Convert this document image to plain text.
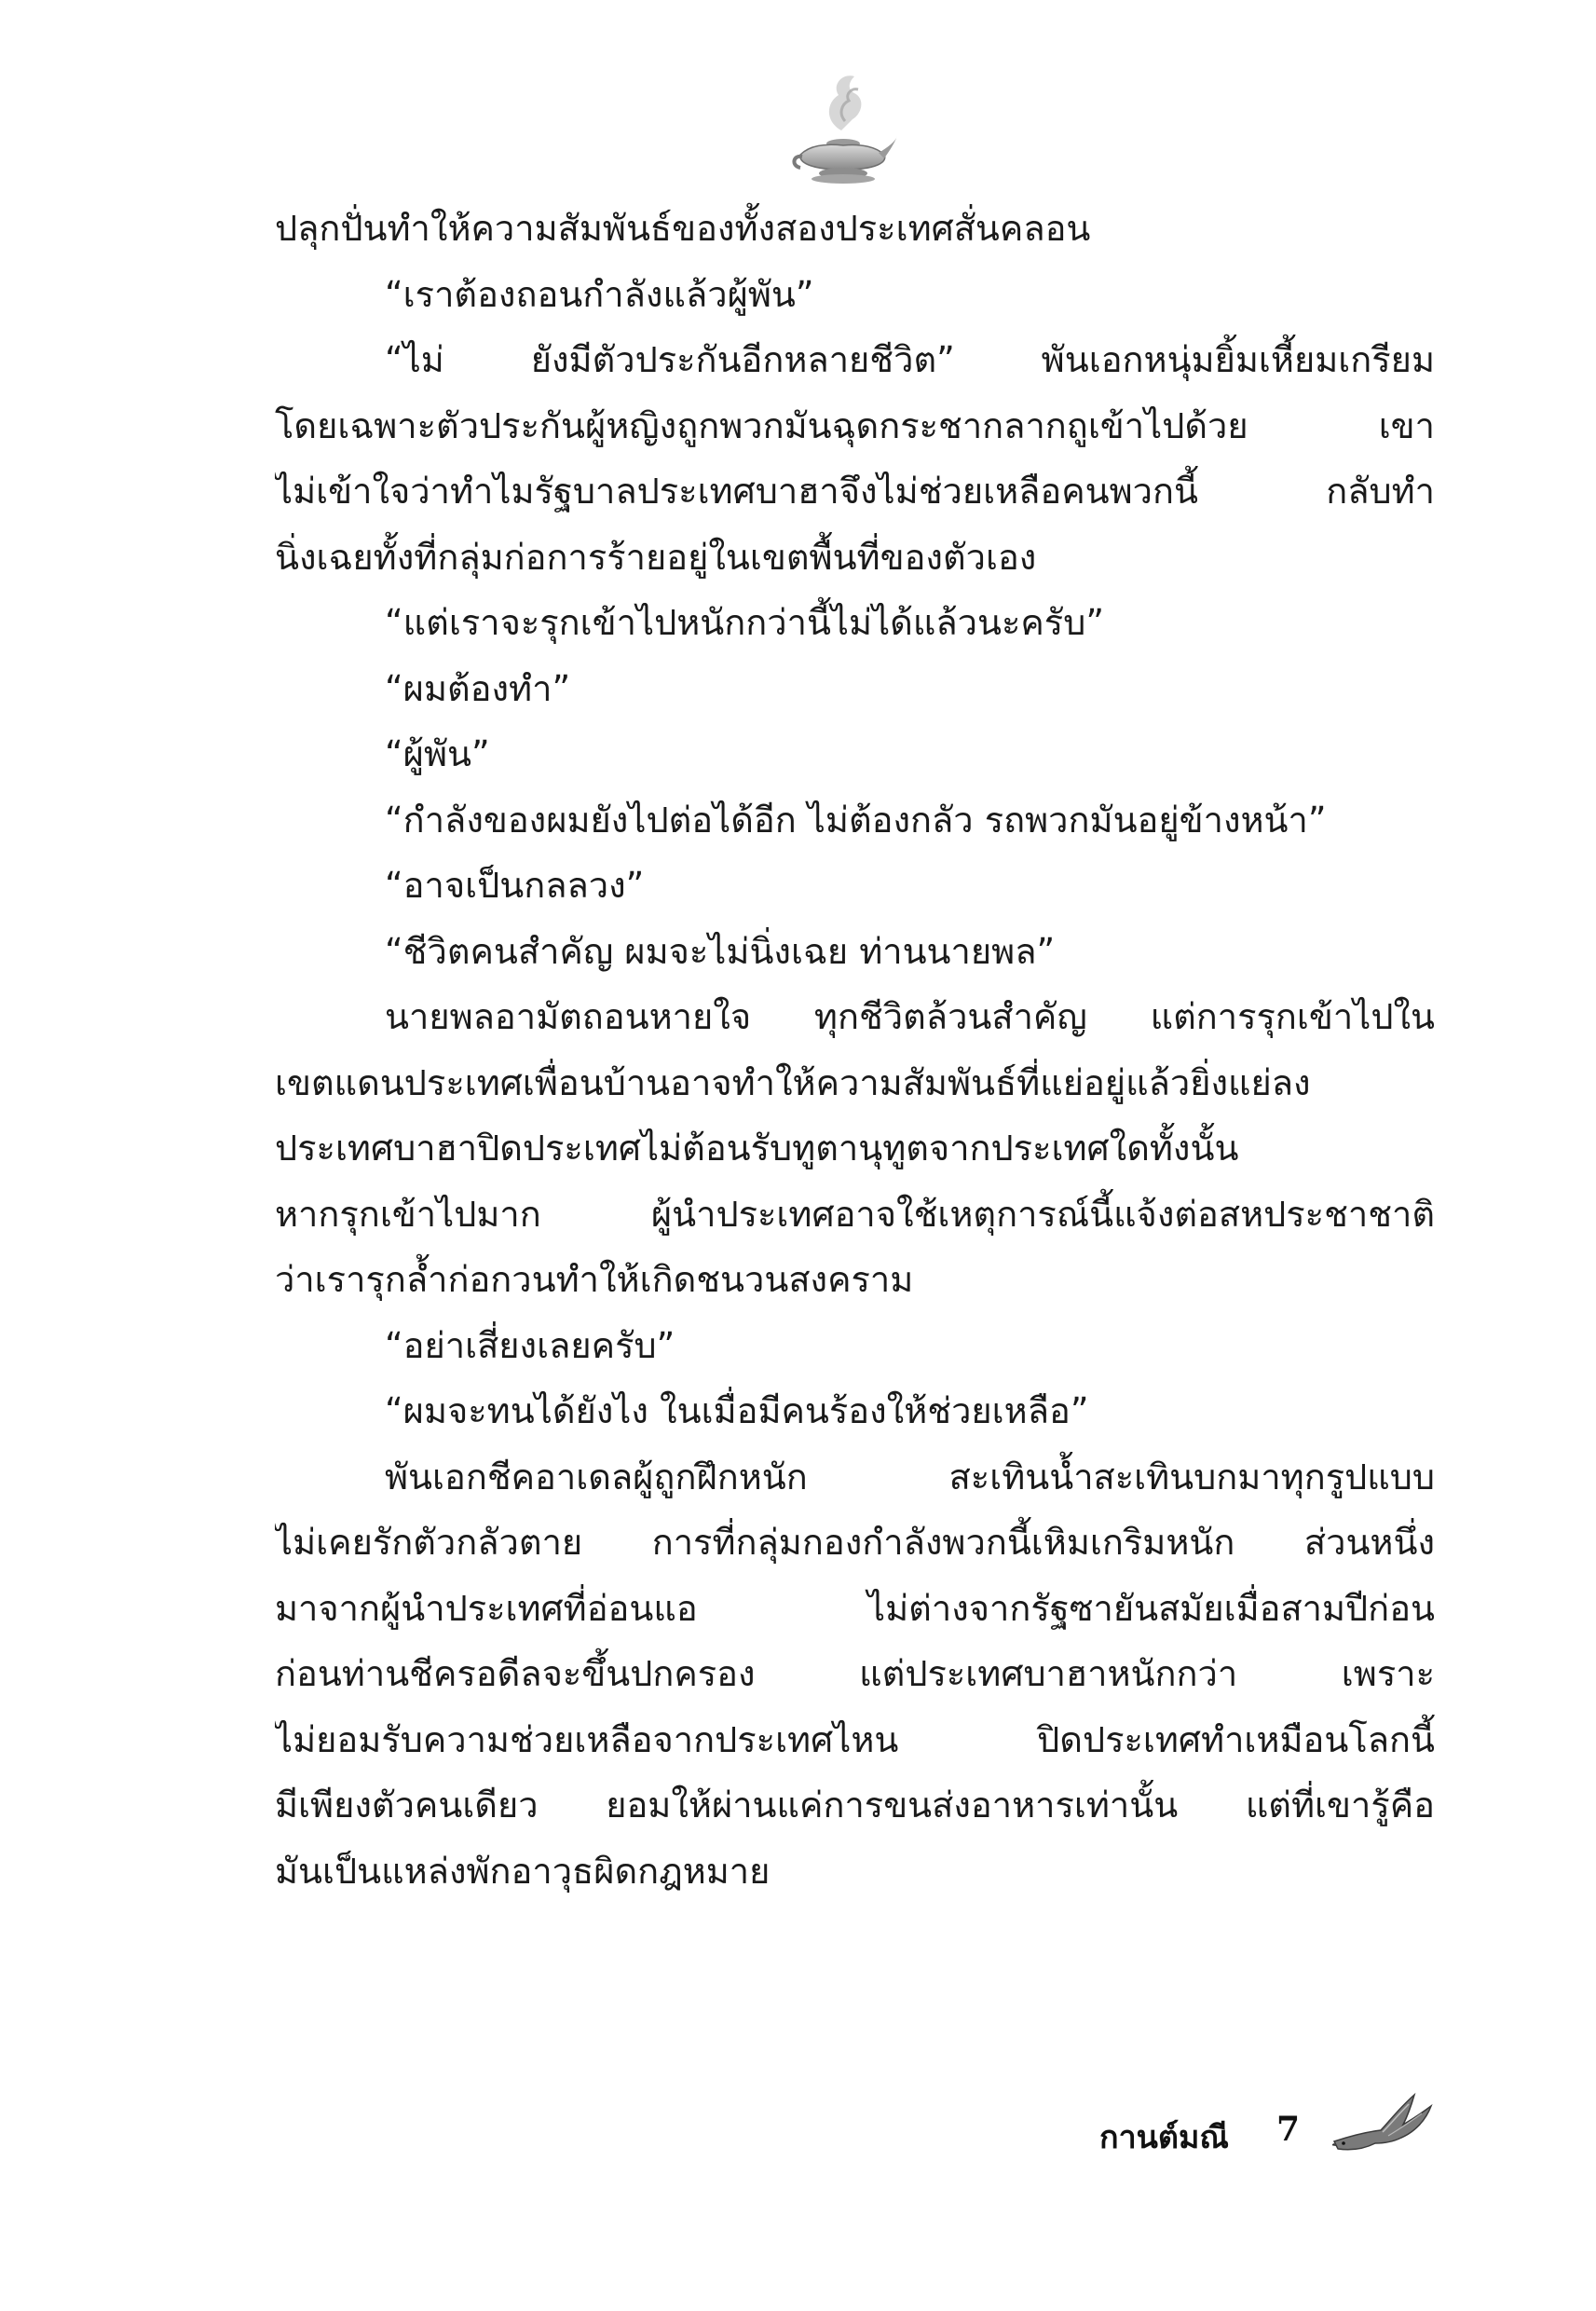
ปลุกปั่นทำให้ความสัมพันธ์ของทั้งสองประเทศสั่นคลอน
“เราต้องถอนกำลังแล้วผู้พัน”
“ไม่ ยังมีตัวประกันอีกหลายชีวิต” พันเอกหนุ่มยิ้มเหี้ยมเกรียม
โดยเฉพาะตัวประกันผู้หญิงถูกพวกมันฉุดกระชากลากถูเข้าไปด้วย เขา
ไม่เข้าใจว่าทำไมรัฐบาลประเทศบาฮาจึงไม่ช่วยเหลือคนพวกนี้ กลับทำ
นิ่งเฉยทั้งที่กลุ่มก่อการร้ายอยู่ในเขตพื้นที่ของตัวเอง
“แต่เราจะรุกเข้าไปหนักกว่านี้ไม่ได้แล้วนะครับ”
“ผมต้องทำ”
“ผู้พัน”
“กำลังของผมยังไปต่อได้อีก ไม่ต้องกลัว รถพวกมันอยู่ข้างหน้า”
“อาจเป็นกลลวง”
“ชีวิตคนสำคัญ ผมจะไม่นิ่งเฉย ท่านนายพล”
นายพลอามัตถอนหายใจ ทุกชีวิตล้วนสำคัญ แต่การรุกเข้าไปใน
เขตแดนประเทศเพื่อนบ้านอาจทำให้ความสัมพันธ์ที่แย่อยู่แล้วยิ่งแย่ลง
ประเทศบาฮาปิดประเทศไม่ต้อนรับทูตานุทูตจากประเทศใดทั้งนั้น
หากรุกเข้าไปมาก ผู้นำประเทศอาจใช้เหตุการณ์นี้แจ้งต่อสหประชาชาติ
ว่าเรารุกล้ำก่อกวนทำให้เกิดชนวนสงคราม
“อย่าเสี่ยงเลยครับ”
“ผมจะทนได้ยังไง ในเมื่อมีคนร้องให้ช่วยเหลือ”
พันเอกชีคอาเดลผู้ถูกฝึกหนัก สะเทินน้ำสะเทินบกมาทุกรูปแบบ
ไม่เคยรักตัวกลัวตาย การที่กลุ่มกองกำลังพวกนี้เหิมเกริมหนัก ส่วนหนึ่ง
มาจากผู้นำประเทศที่อ่อนแอ ไม่ต่างจากรัฐซายันสมัยเมื่อสามปีก่อน
ก่อนท่านชีครอดีลจะขึ้นปกครอง แต่ประเทศบาฮาหนักกว่า เพราะ
ไม่ยอมรับความช่วยเหลือจากประเทศไหน ปิดประเทศทำเหมือนโลกนี้
มีเพียงตัวคนเดียว ยอมให้ผ่านแค่การขนส่งอาหารเท่านั้น แต่ที่เขารู้คือ
มันเป็นแหล่งพักอาวุธผิดกฎหมาย
กานต์มณี 7
